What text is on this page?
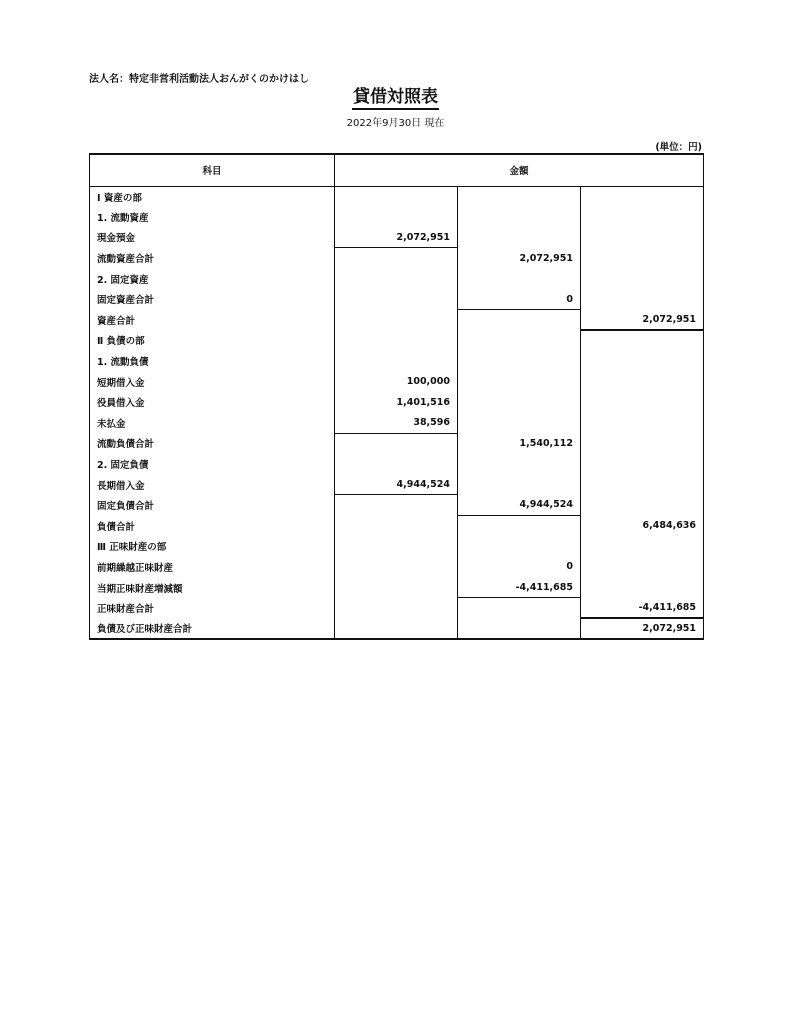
法人名：特定非営利活動法人おんがくのかけはし
貸借対照表
2022年9月30日 現在
(単位：円)
科目	金額		
Ⅰ 資産の部			
1. 流動資産			
現金預金	2,072,951		
流動資産合計		2,072,951	
2. 固定資産			
固定資産合計		0	
資産合計			2,072,951
Ⅱ 負債の部			
1. 流動負債			
短期借入金	100,000		
役員借入金	1,401,516		
未払金	38,596		
流動負債合計		1,540,112	
2. 固定負債			
長期借入金	4,944,524		
固定負債合計		4,944,524	
負債合計			6,484,636
Ⅲ 正味財産の部			
前期繰越正味財産		0	
当期正味財産増減額		-4,411,685	
正味財産合計			-4,411,685
負債及び正味財産合計			2,072,951
